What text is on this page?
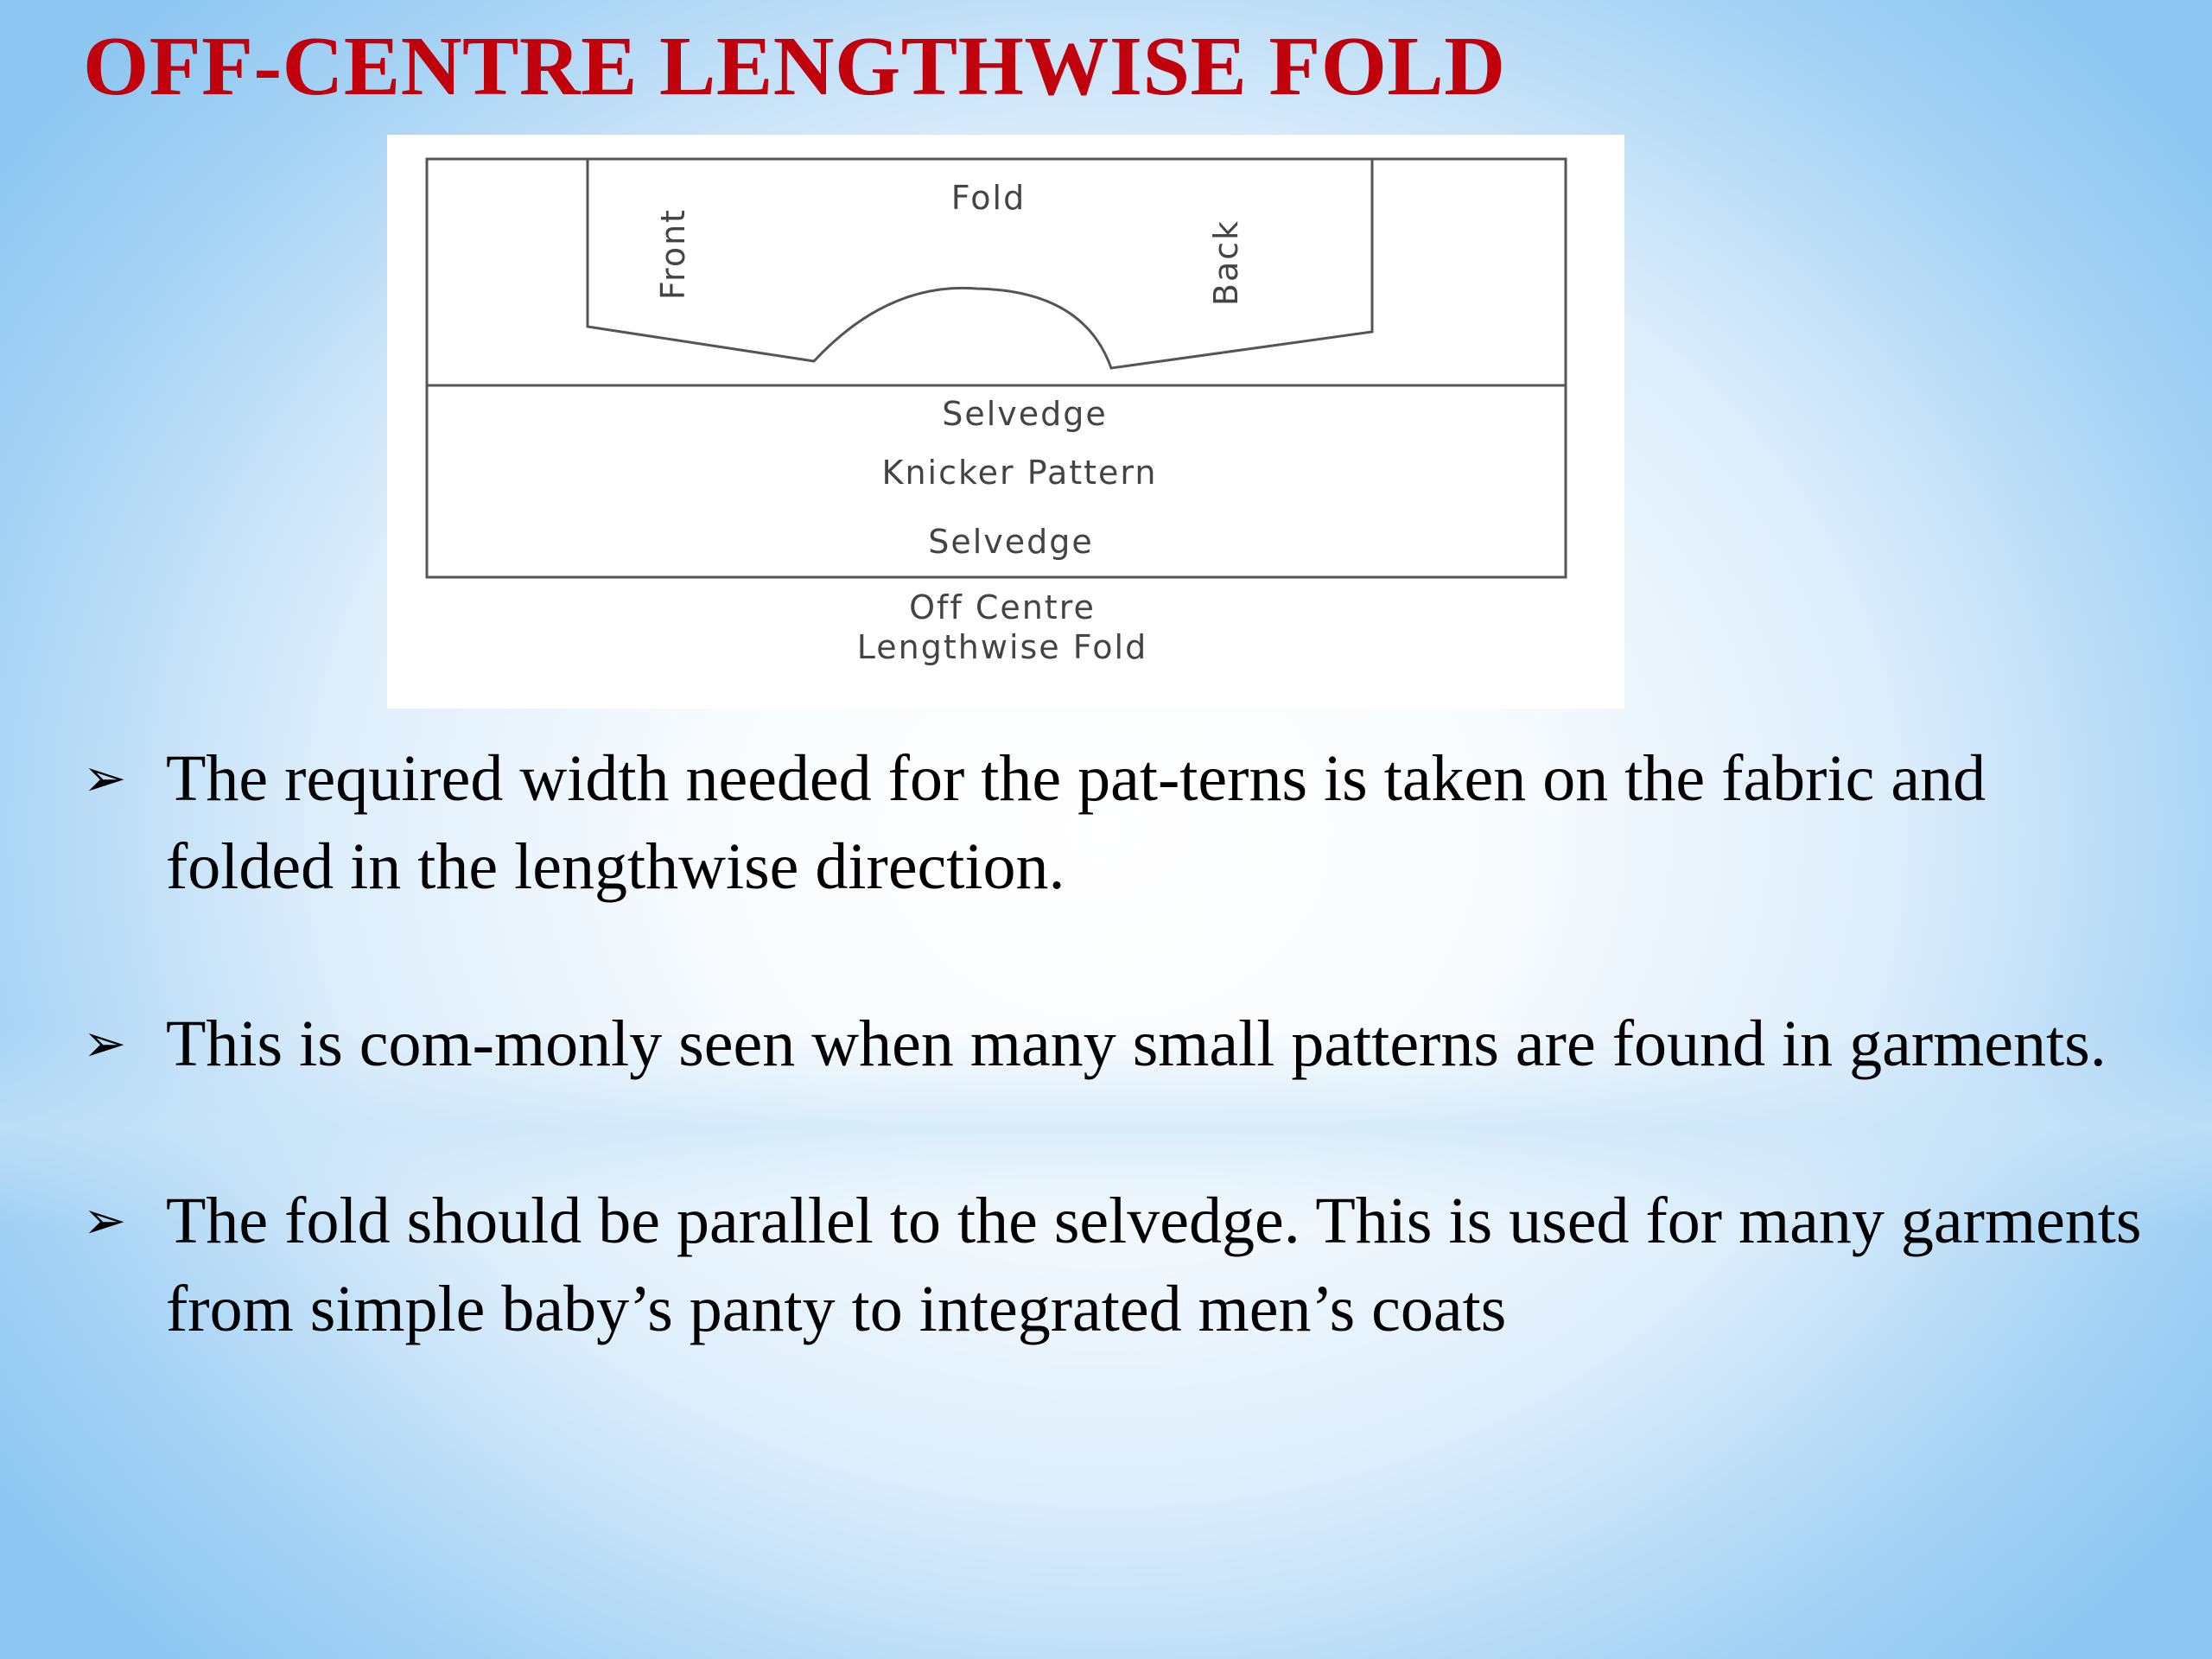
OFF-CENTRE LENGTHWISE FOLD
Fold
Front	Back
Selvedge
Knicker Pattern
Selvedge
Off Centre
Lengthwise Fold
➢ The required width needed for the pat-terns is taken on the fabric and folded in the lengthwise direction.
➢ This is com-monly seen when many small patterns are found in garments.
➢ The fold should be parallel to the selvedge. This is used for many garments from simple baby’s panty to integrated men’s coats
